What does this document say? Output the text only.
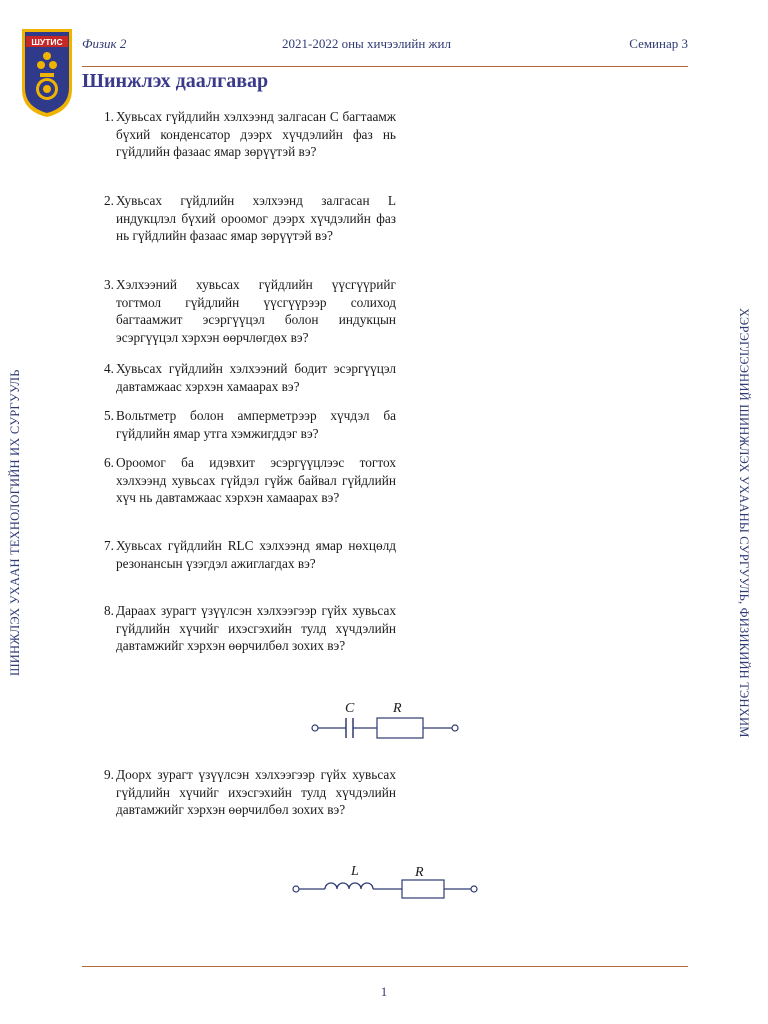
ШУТИС Физик 2	2021-2022 оны хичээлийн жил	Семинар 3
Шинжлэх даалгавар
1. Хувьсах гүйдлийн хэлхээнд залгасан C багтаамж бүхий конденсатор дээрх хүчдэлийн фаз нь гүйдлийн фазаас ямар зөрүүтэй вэ?
2. Хувьсах гүйдлийн хэлхээнд залгасан L индукцлэл бүхий ороомог дээрх хүчдэлийн фаз нь гүйдлийн фазаас ямар зөрүүтэй вэ?
3. Хэлхээний хувьсах гүйдлийн үүсгүүрийг тогтмол гүйдлийн үүсгүүрээр солиход багтаамжит эсэргүүцэл болон индукцын эсэргүүцэл хэрхэн өөрчлөгдөх вэ?
4. Хувьсах гүйдлийн хэлхээний бодит эсэргүүцэл давтамжаас хэрхэн хамаарах вэ?
5. Вольтметр болон амперметрээр хүчдэл ба гүйдлийн ямар утга хэмжигддэг вэ?
6. Ороомог ба идэвхит эсэргүүцлээс тогтох хэлхээнд хувьсах гүйдэл гүйж байвал гүйдлийн хүч нь давтамжаас хэрхэн хамаарах вэ?
7. Хувьсах гүйдлийн RLC хэлхээнд ямар нөхцөлд резонансын үзэгдэл ажиглагдах вэ?
8. Дараах зурагт үзүүлсэн хэлхээгээр гүйх хувьсах гүйдлийн хүчийг ихэсгэхийн тулд хүчдэлийн давтамжийг хэрхэн өөрчилбөл зохих вэ?
C	R
9. Доорх зурагт үзүүлсэн хэлхээгээр гүйх хувьсах гүйдлийн хүчийг ихэсгэхийн тулд хүчдэлийн давтамжийг хэрхэн өөрчилбөл зохих вэ?
L	R
ШИНЖЛЭХ УХААН ТЕХНОЛОГИЙН ИХ СУРГУУЛЬ	ХЭРЭГЛЭЭНИЙ ШИНЖЛЭХ УХААНЫ СУРГУУЛЬ, ФИЗИКИЙН ТЭНХИМ
1
